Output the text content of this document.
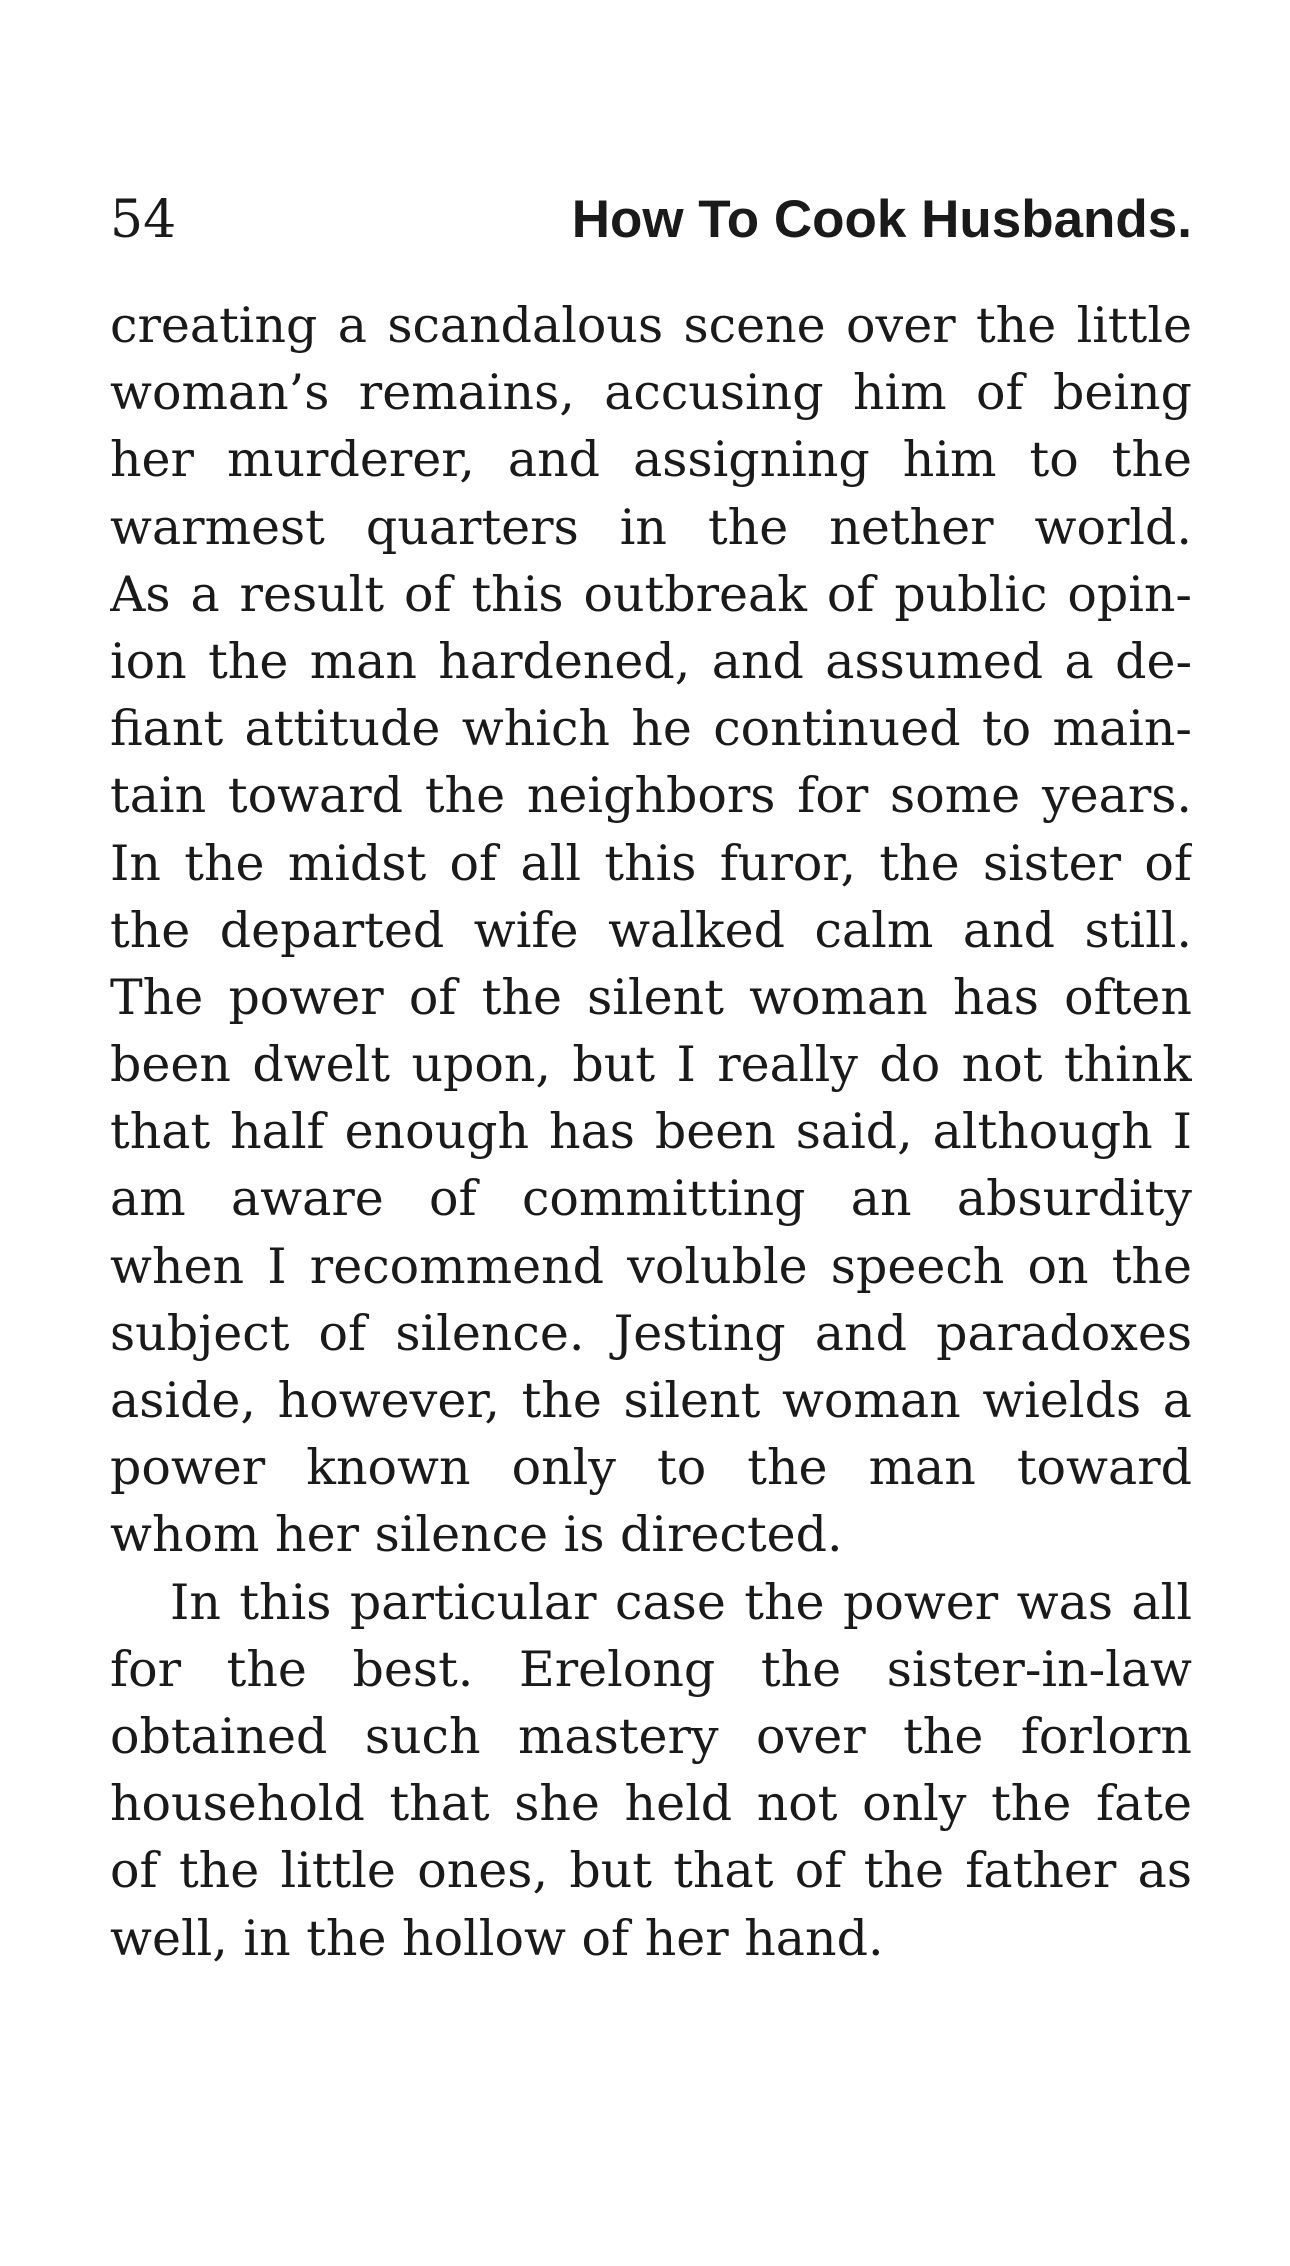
54	How To Cook Husbands.
creating a scandalous scene over the little
woman’s remains, accusing him of being
her murderer, and assigning him to the
warmest quarters in the nether world.
As a result of this outbreak of public opin-
ion the man hardened, and assumed a de-
fiant attitude which he continued to main-
tain toward the neighbors for some years.
In the midst of all this furor, the sister of
the departed wife walked calm and still.
The power of the silent woman has often
been dwelt upon, but I really do not think
that half enough has been said, although I
am aware of committing an absurdity
when I recommend voluble speech on the
subject of silence. Jesting and paradoxes
aside, however, the silent woman wields a
power known only to the man toward
whom her silence is directed.
In this particular case the power was all
for the best. Erelong the sister-in-law
obtained such mastery over the forlorn
household that she held not only the fate
of the little ones, but that of the father as
well, in the hollow of her hand.
